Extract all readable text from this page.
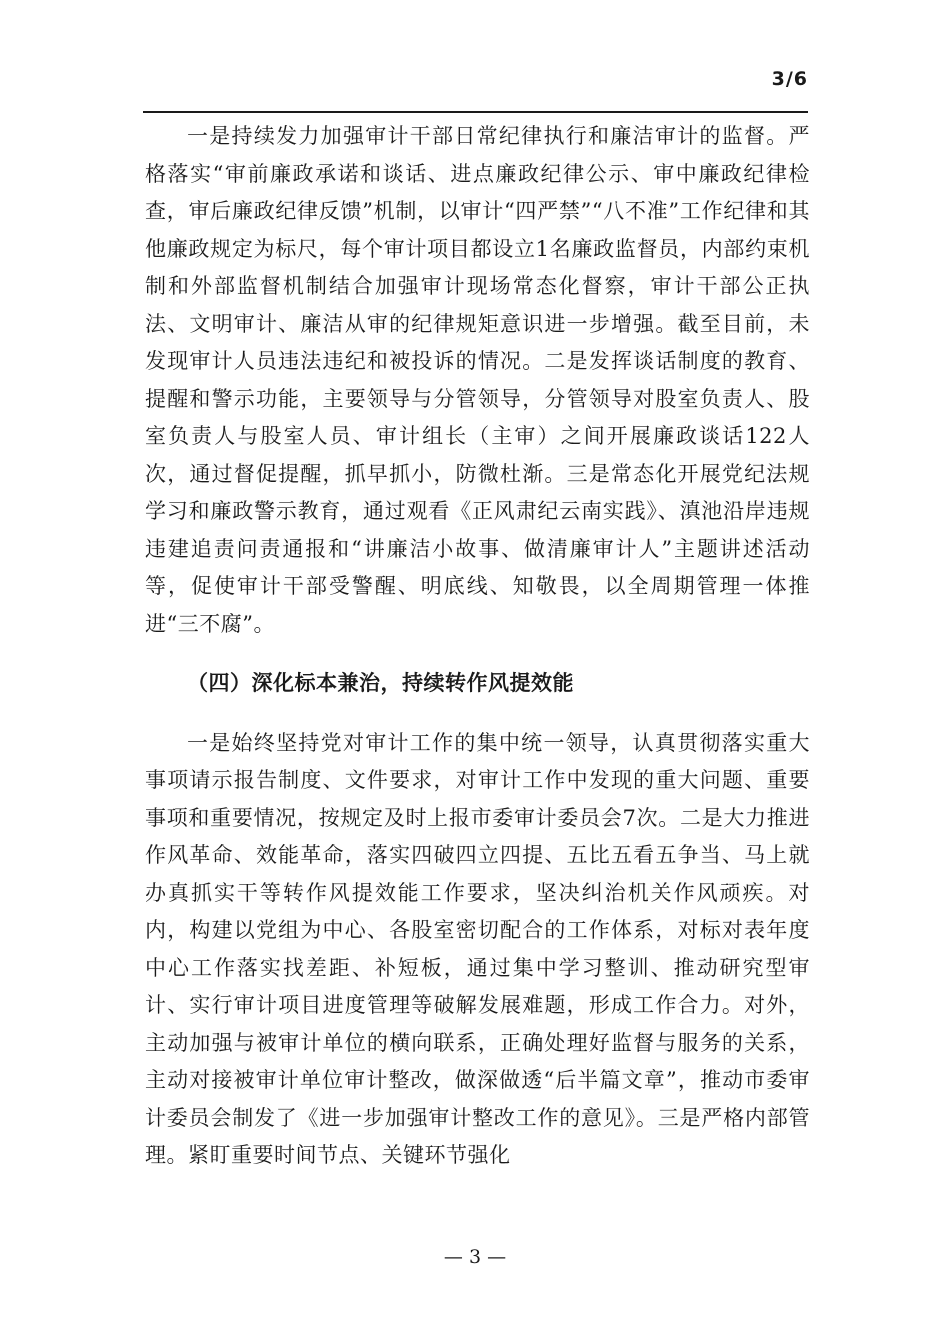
3/6

一是持续发力加强审计干部日常纪律执行和廉洁审计的监督。严格落实“审前廉政承诺和谈话、进点廉政纪律公示、审中廉政纪律检查，审后廉政纪律反馈”机制，以审计“四严禁”“八不准”工作纪律和其他廉政规定为标尺，每个审计项目都设立1名廉政监督员，内部约束机制和外部监督机制结合加强审计现场常态化督察，审计干部公正执法、文明审计、廉洁从审的纪律规矩意识进一步增强。截至目前，未发现审计人员违法违纪和被投诉的情况。二是发挥谈话制度的教育、提醒和警示功能，主要领导与分管领导，分管领导对股室负责人、股室负责人与股室人员、审计组长（主审）之间开展廉政谈话122人次，通过督促提醒，抓早抓小，防微杜渐。三是常态化开展党纪法规学习和廉政警示教育，通过观看《正风肃纪云南实践》、滇池沿岸违规违建追责问责通报和“讲廉洁小故事、做清廉审计人”主题讲述活动等，促使审计干部受警醒、明底线、知敬畏，以全周期管理一体推进“三不腐”。

（四）深化标本兼治，持续转作风提效能

一是始终坚持党对审计工作的集中统一领导，认真贯彻落实重大事项请示报告制度、文件要求，对审计工作中发现的重大问题、重要事项和重要情况，按规定及时上报市委审计委员会7次。二是大力推进作风革命、效能革命，落实四破四立四提、五比五看五争当、马上就办真抓实干等转作风提效能工作要求，坚决纠治机关作风顽疾。对内，构建以党组为中心、各股室密切配合的工作体系，对标对表年度中心工作落实找差距、补短板，通过集中学习整训、推动研究型审计、实行审计项目进度管理等破解发展难题，形成工作合力。对外，主动加强与被审计单位的横向联系，正确处理好监督与服务的关系，主动对接被审计单位审计整改，做深做透“后半篇文章”，推动市委审计委员会制发了《进一步加强审计整改工作的意见》。三是严格内部管理。紧盯重要时间节点、关键环节强化

— 3 —
